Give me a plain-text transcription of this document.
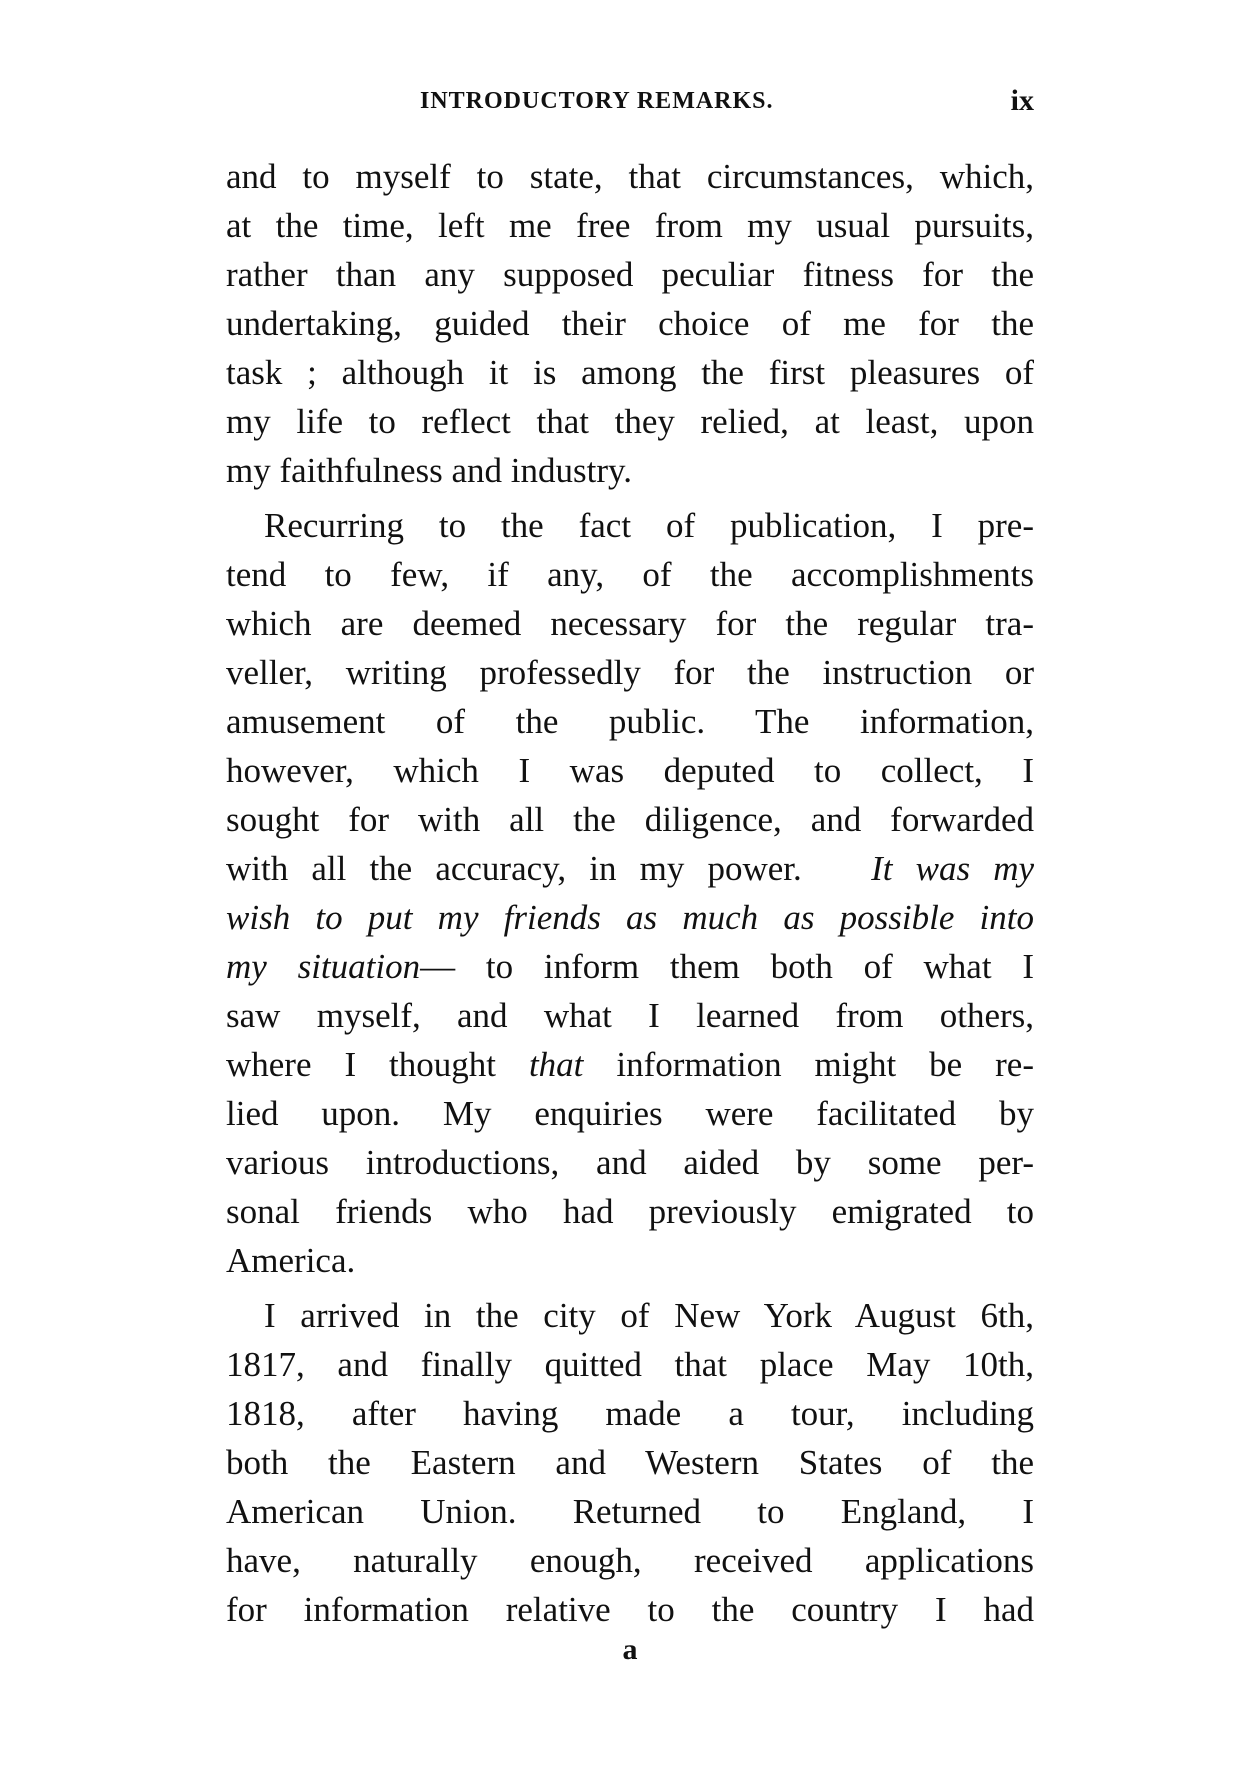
INTRODUCTORY REMARKS.	ix
and to myself to state, that circumstances, which,
at the time, left me free from my usual pursuits,
rather than any supposed peculiar fitness for the
undertaking, guided their choice of me for the
task ; although it is among the first pleasures of
my life to reflect that they relied, at least, upon
my faithfulness and industry.
Recurring to the fact of publication, I pre-
tend to few, if any, of the accomplishments
which are deemed necessary for the regular tra-
veller, writing professedly for the instruction or
amusement of the public. The information,
however, which I was deputed to collect, I
sought for with all the diligence, and forwarded
with all the accuracy, in my power. It was my
wish to put my friends as much as possible into
my situation— to inform them both of what I
saw myself, and what I learned from others,
where I thought that information might be re-
lied upon. My enquiries were facilitated by
various introductions, and aided by some per-
sonal friends who had previously emigrated to
America.
I arrived in the city of New York August 6th,
1817, and finally quitted that place May 10th,
1818, after having made a tour, including
both the Eastern and Western States of the
American Union. Returned to England, I
have, naturally enough, received applications
for information relative to the country I had
a
